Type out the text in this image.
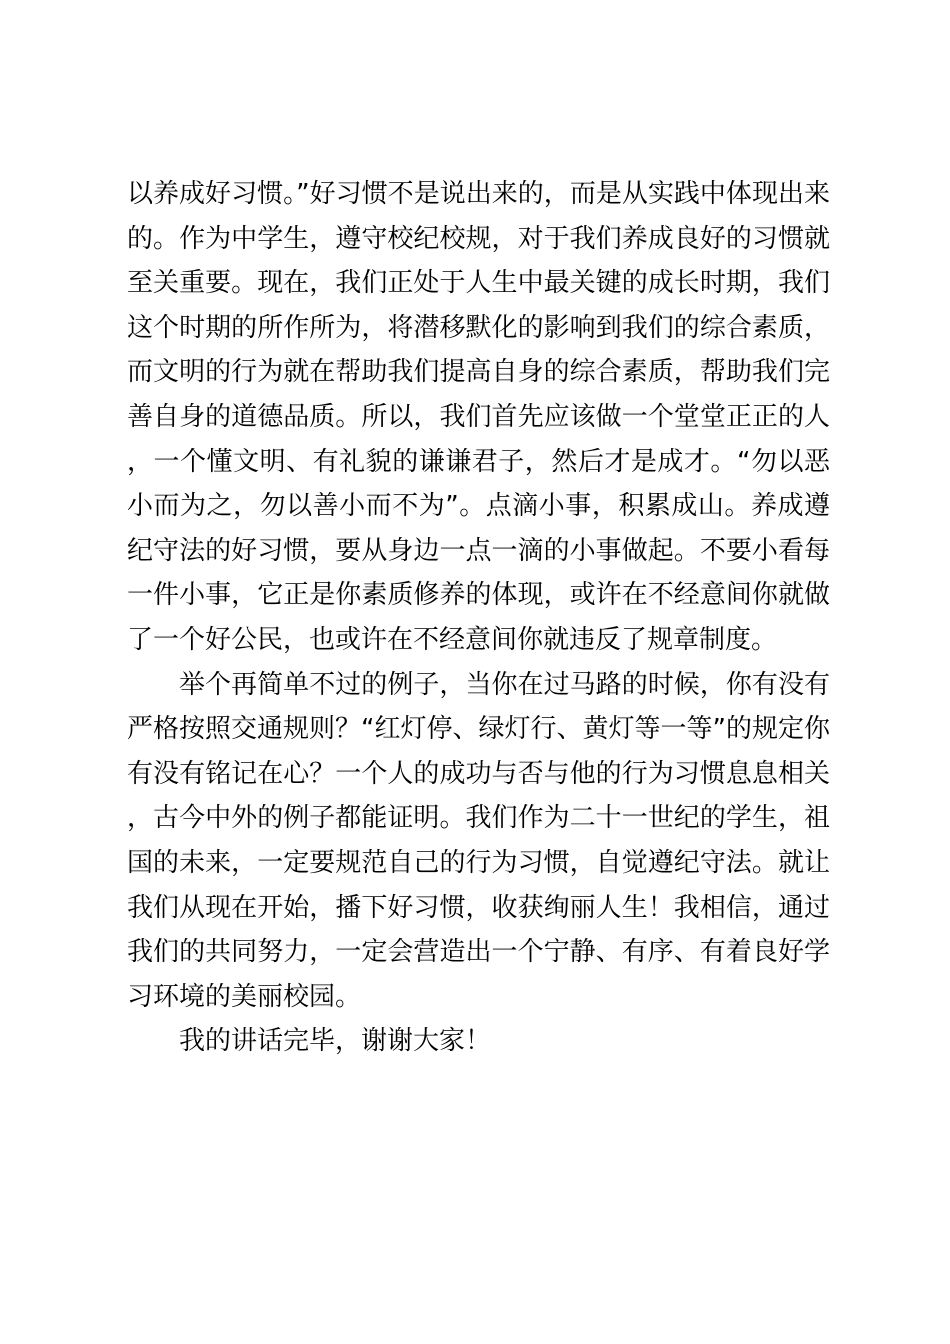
以养成好习惯。”好习惯不是说出来的，而是从实践中体现出来的。作为中学生，遵守校纪校规，对于我们养成良好的习惯就至关重要。现在，我们正处于人生中最关键的成长时期，我们这个时期的所作所为，将潜移默化的影响到我们的综合素质，而文明的行为就在帮助我们提高自身的综合素质，帮助我们完善自身的道德品质。所以，我们首先应该做一个堂堂正正的人，一个懂文明、有礼貌的谦谦君子，然后才是成才。“勿以恶小而为之，勿以善小而不为”。点滴小事，积累成山。养成遵纪守法的好习惯，要从身边一点一滴的小事做起。不要小看每一件小事，它正是你素质修养的体现，或许在不经意间你就做了一个好公民，也或许在不经意间你就违反了规章制度。

举个再简单不过的例子，当你在过马路的时候，你有没有严格按照交通规则？“红灯停、绿灯行、黄灯等一等”的规定你有没有铭记在心？一个人的成功与否与他的行为习惯息息相关，古今中外的例子都能证明。我们作为二十一世纪的学生，祖国的未来，一定要规范自己的行为习惯，自觉遵纪守法。就让我们从现在开始，播下好习惯，收获绚丽人生！我相信，通过我们的共同努力，一定会营造出一个宁静、有序、有着良好学习环境的美丽校园。

我的讲话完毕，谢谢大家！
